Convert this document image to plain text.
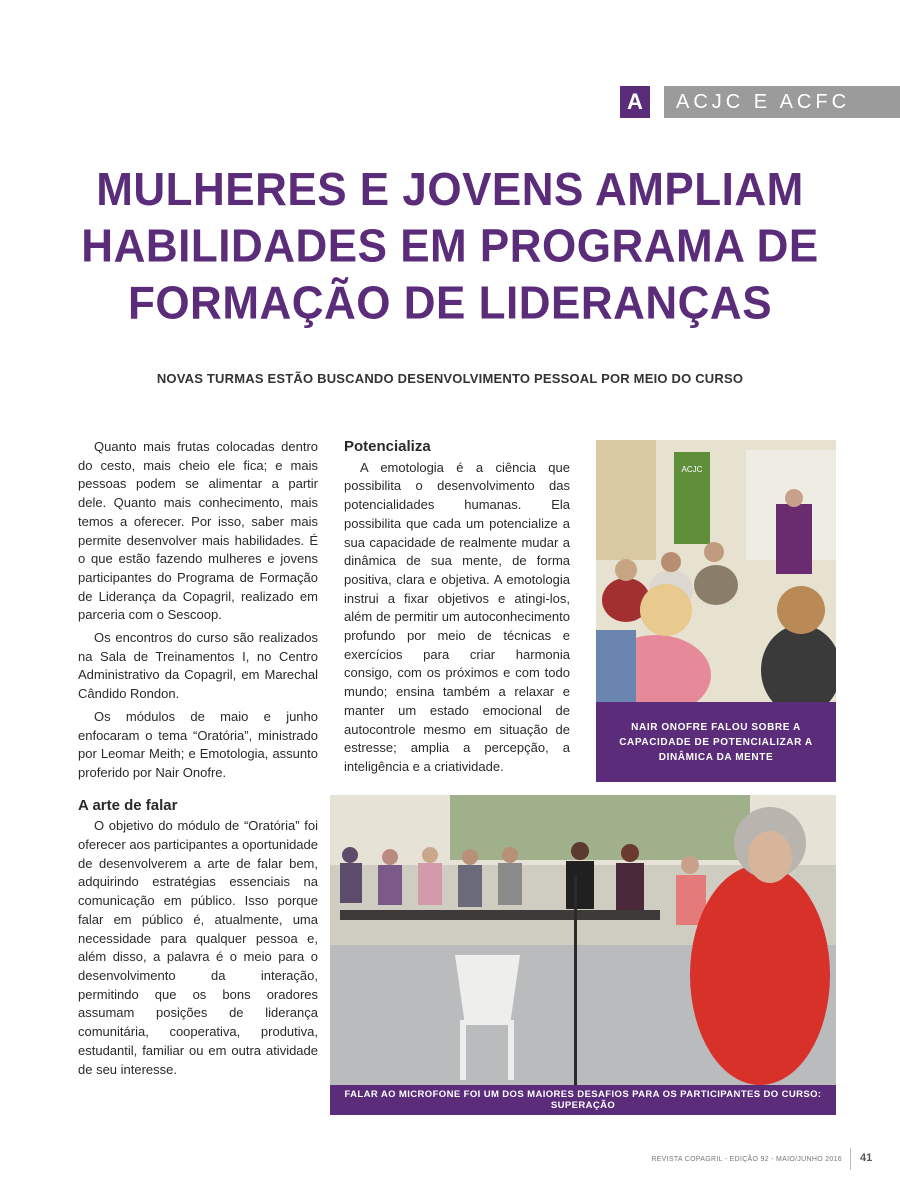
A	ACJC E ACFC
MULHERES E JOVENS AMPLIAM HABILIDADES EM PROGRAMA DE FORMAÇÃO DE LIDERANÇAS
NOVAS TURMAS ESTÃO BUSCANDO DESENVOLVIMENTO PESSOAL POR MEIO DO CURSO

Quanto mais frutas colocadas dentro do cesto, mais cheio ele fica; e mais pessoas podem se alimentar a partir dele. Quanto mais conhecimento, mais temos a oferecer. Por isso, saber mais permite desenvolver mais habilidades. É o que estão fazendo mulheres e jovens participantes do Programa de Formação de Liderança da Copagril, realizado em parceria com o Sescoop.

Os encontros do curso são realizados na Sala de Treinamentos I, no Centro Administrativo da Copagril, em Marechal Cândido Rondon.

Os módulos de maio e junho enfocaram o tema “Oratória”, ministrado por Leomar Meith; e Emotologia, assunto proferido por Nair Onofre.

A arte de falar

O objetivo do módulo de “Oratória” foi oferecer aos participantes a oportunidade de desenvolverem a arte de falar bem, adquirindo estratégias essenciais na comunicação em público. Isso porque falar em público é, atualmente, uma necessidade para qualquer pessoa e, além disso, a palavra é o meio para o desenvolvimento da interação, permitindo que os bons oradores assumam posições de liderança comunitária, cooperativa, produtiva, estudantil, familiar ou em outra atividade de seu interesse.

Potencializa

A emotologia é a ciência que possibilita o desenvolvimento das potencialidades humanas. Ela possibilita que cada um potencialize a sua capacidade de realmente mudar a dinâmica de sua mente, de forma positiva, clara e objetiva. A emotologia instrui a fixar objetivos e atingi-los, além de permitir um autoconhecimento profundo por meio de técnicas e exercícios para criar harmonia consigo, com os próximos e com todo mundo; ensina também a relaxar e manter um estado emocional de autocontrole mesmo em situação de estresse; amplia a percepção, a inteligência e a criatividade.

ACJC
NAIR ONOFRE FALOU SOBRE A CAPACIDADE DE POTENCIALIZAR A DINÂMICA DA MENTE
FALAR AO MICROFONE FOI UM DOS MAIORES DESAFIOS PARA OS PARTICIPANTES DO CURSO: SUPERAÇÃO
REVISTA COPAGRIL - EDIÇÃO 92 - MAIO/JUNHO 2016 41
